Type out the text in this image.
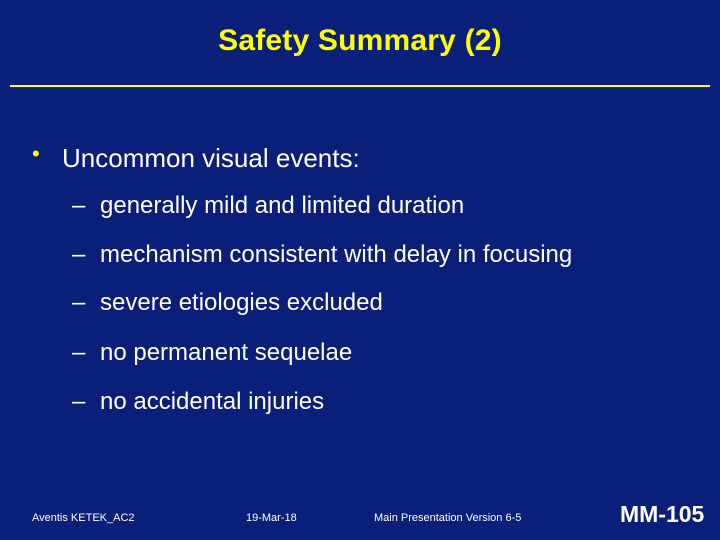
Safety Summary (2)
• Uncommon visual events:
– generally mild and limited duration
– mechanism consistent with delay in focusing
– severe etiologies excluded
– no permanent sequelae
– no accidental injuries
Aventis KETEK_AC2	19-Mar-18	Main Presentation Version 6-5	MM-105
